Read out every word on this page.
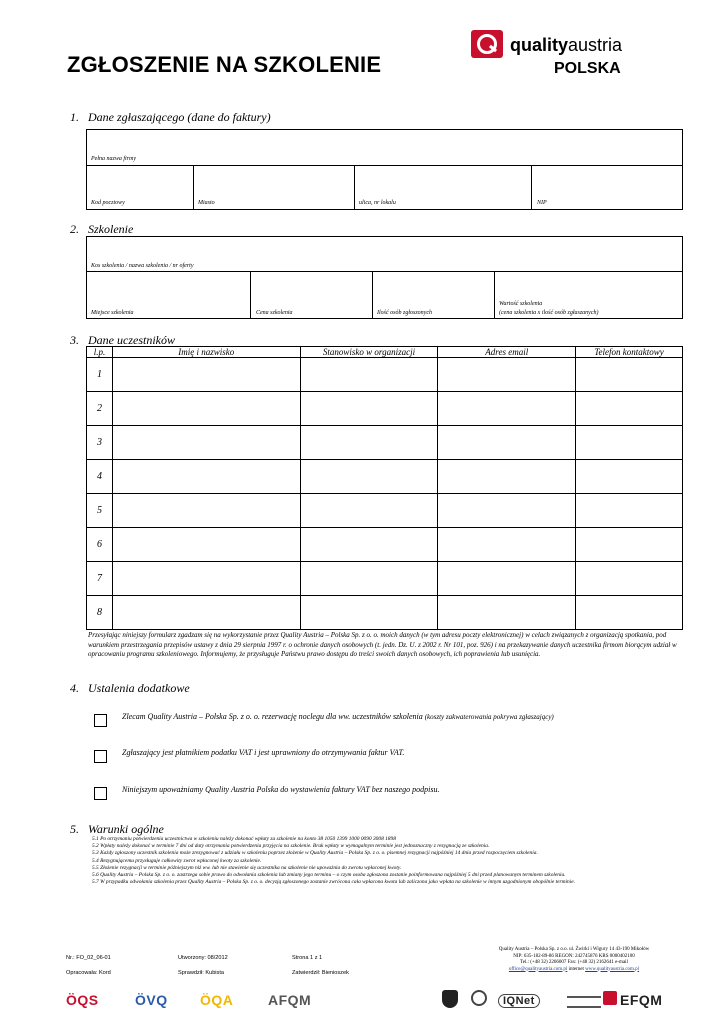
ZGŁOSZENIE NA SZKOLENIE
qualityaustria
POLSKA
1. Dane zgłaszającego (dane do faktury)
Pełna nazwa firmy
Kod pocztowy	Miasto	ulica, nr lokalu	NIP
2. Szkolenie
Kos szkolenia / nazwa szkolenia / nr oferty
Miejsce szkolenia	Cena szkolenia	Ilość osób zgłoszonych
Wartość szkolenia
(cena szkolenia x ilość osób zgłaszanych)
3. Dane uczestników
l.p.	Imię i nazwisko	Stanowisko w organizacji	Adres email	Telefon kontaktowy
1				
2				
3				
4				
5				
6				
7				
8				
Przesyłając niniejszy formularz zgadzam się na wykorzystanie przez Quality Austria – Polska Sp. z o. o. moich danych (w tym adresu poczty elektronicznej) w celach związanych z organizacją spotkania, pod warunkiem przestrzegania przepisów ustawy z dnia 29 sierpnia 1997 r. o ochronie danych osobowych (t. jedn. Dz. U. z 2002 r. Nr 101, poz. 926) i na przekazywanie danych uczestnika firmom biorącym udział w opracowaniu programu szkoleniowego. Informujemy, że przysługuje Państwu prawo dostępu do treści swoich danych osobowych, ich poprawienia lub usunięcia.
4. Ustalenia dodatkowe
Zlecam Quality Austria – Polska Sp. z o. o. rezerwację noclegu dla ww. uczestników szkolenia (koszty zakwaterowania pokrywa zgłaszający)
Zgłaszający jest płatnikiem podatku VAT i jest uprawniony do otrzymywania faktur VAT.
Niniejszym upoważniamy Quality Austria Polska do wystawienia faktury VAT bez naszego podpisu.
5. Warunki ogólne
5.1 Po otrzymaniu potwierdzenia uczestnictwa w szkoleniu należy dokonać wpłaty za szkolenie na konto 38 1050 1399 1000 0090 3008 1898
5.2 Wpłaty należy dokonać w terminie 7 dni od daty otrzymania potwierdzenia przyjęcia na szkolenie. Brak wpłaty w wymagalnym terminie jest jednoznaczny z rezygnacją ze szkolenia.
5.3 Każdy zgłoszony uczestnik szkolenia może zrezygnować z udziału w szkoleniu poprzez złożenie w Quality Austria – Polska Sp. z o. o. pisemnej rezygnacji najpóźniej 14 dnia przed rozpoczęciem szkolenia.
5.4 Rezygnującemu przysługuje całkowity zwrot wpłaconej kwoty za szkolenie.
5.5 Złożenie rezygnacji w terminie późniejszym niż ww. lub nie stawienie się uczestnika na szkolenie nie upoważnia do zwrotu wpłaconej kwoty.
5.6 Quality Austria – Polska Sp. z o. o. zastrzega sobie prawo do odwołania szkolenia lub zmiany jego terminu – o czym osoba zgłoszona zostanie poinformowana najpóźniej 5 dni przed planowanym terminem szkolenia.
5.7 W przypadku odwołania szkolenia przez Quality Austria – Polska Sp. z o. o. decyzją zgłoszonego zostanie zwrócona cała wpłacona kwota lub zaliczona jako wpłata na szkolenie w innym uzgodnionym obopólnie terminie.
Nr.: FO_02_06-01	Utworzony: 08/2012	Strona 1 z 1
Opracowała: Kord	Sprawdził: Kubista	Zatwierdził: Bienioszek
Quality Austria – Polska Sp. z o.o. ul. Żwirki i Wigury 14 43-190 Mikołów
NIP: 635-182-89-86 REGON: 242745876 KRS 0000402100
Tel.: (+48 32) 2266007 Fax: (+48 32) 2162641 e-mail
office@qualityaustria.com.pl internet www.qualityaustria.com.pl
ÖQS	ÖVQ ÖQA AFQM	IQNet	EFQM
